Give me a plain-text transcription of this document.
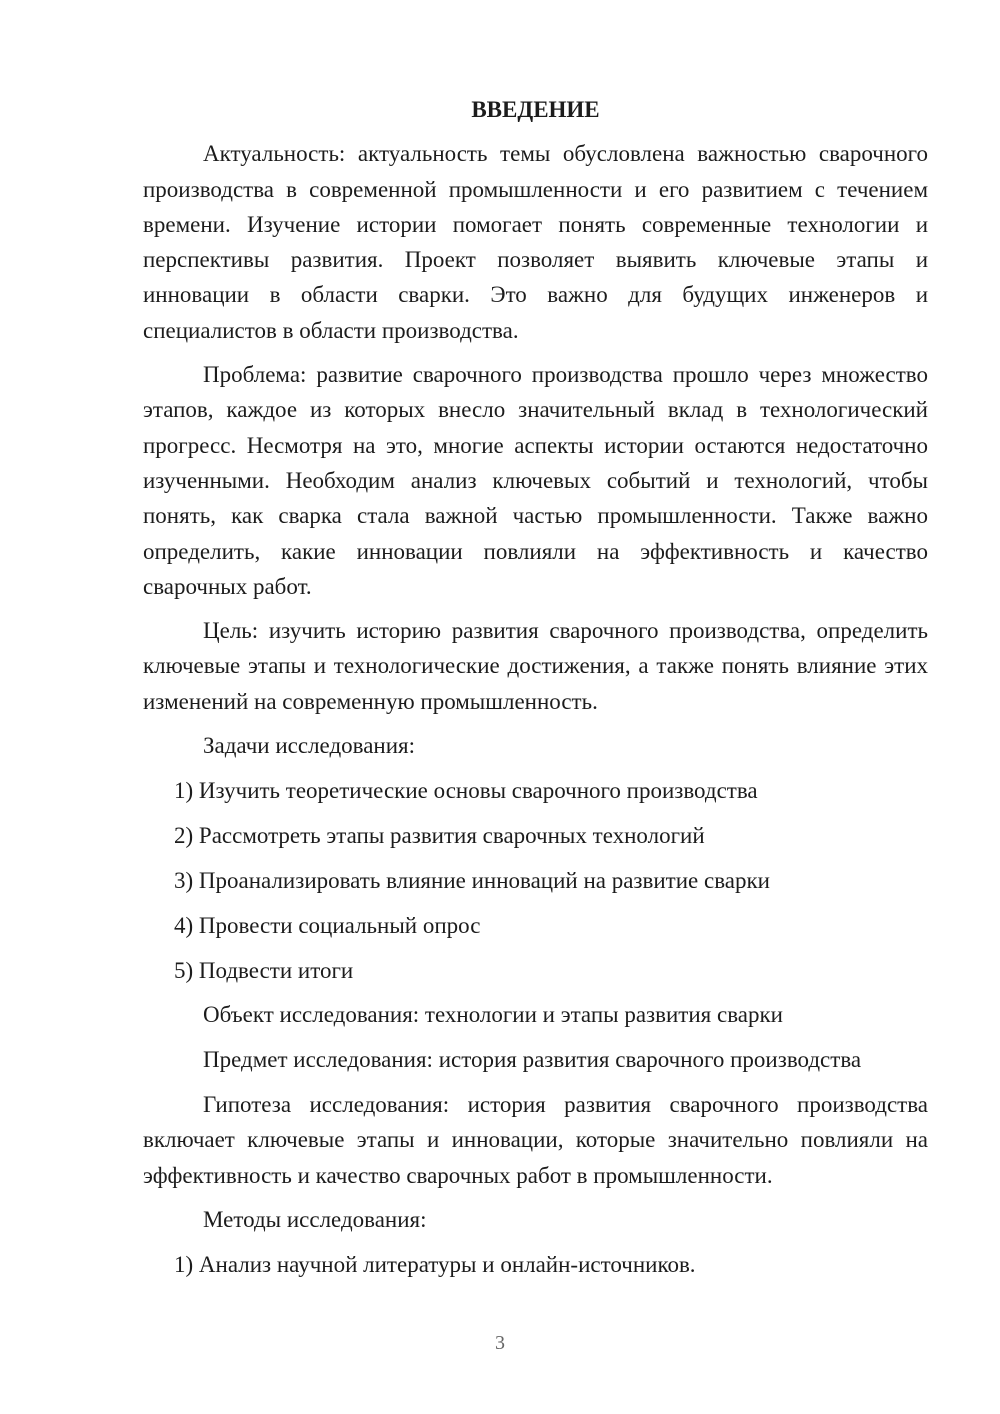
ВВЕДЕНИЕ
Актуальность: актуальность темы обусловлена важностью сварочного производства в современной промышленности и его развитием с течением времени. Изучение истории помогает понять современные технологии и перспективы развития. Проект позволяет выявить ключевые этапы и инновации в области сварки. Это важно для будущих инженеров и специалистов в области производства.
Проблема: развитие сварочного производства прошло через множество этапов, каждое из которых внесло значительный вклад в технологический прогресс. Несмотря на это, многие аспекты истории остаются недостаточно изученными. Необходим анализ ключевых событий и технологий, чтобы понять, как сварка стала важной частью промышленности. Также важно определить, какие инновации повлияли на эффективность и качество сварочных работ.
Цель: изучить историю развития сварочного производства, определить ключевые этапы и технологические достижения, а также понять влияние этих изменений на современную промышленность.
Задачи исследования:
1) Изучить теоретические основы сварочного производства
2) Рассмотреть этапы развития сварочных технологий
3) Проанализировать влияние инноваций на развитие сварки
4) Провести социальный опрос
5) Подвести итоги
Объект исследования: технологии и этапы развития сварки
Предмет исследования: история развития сварочного производства
Гипотеза исследования: история развития сварочного производства включает ключевые этапы и инновации, которые значительно повлияли на эффективность и качество сварочных работ в промышленности.
Методы исследования:
1) Анализ научной литературы и онлайн-источников.
3
